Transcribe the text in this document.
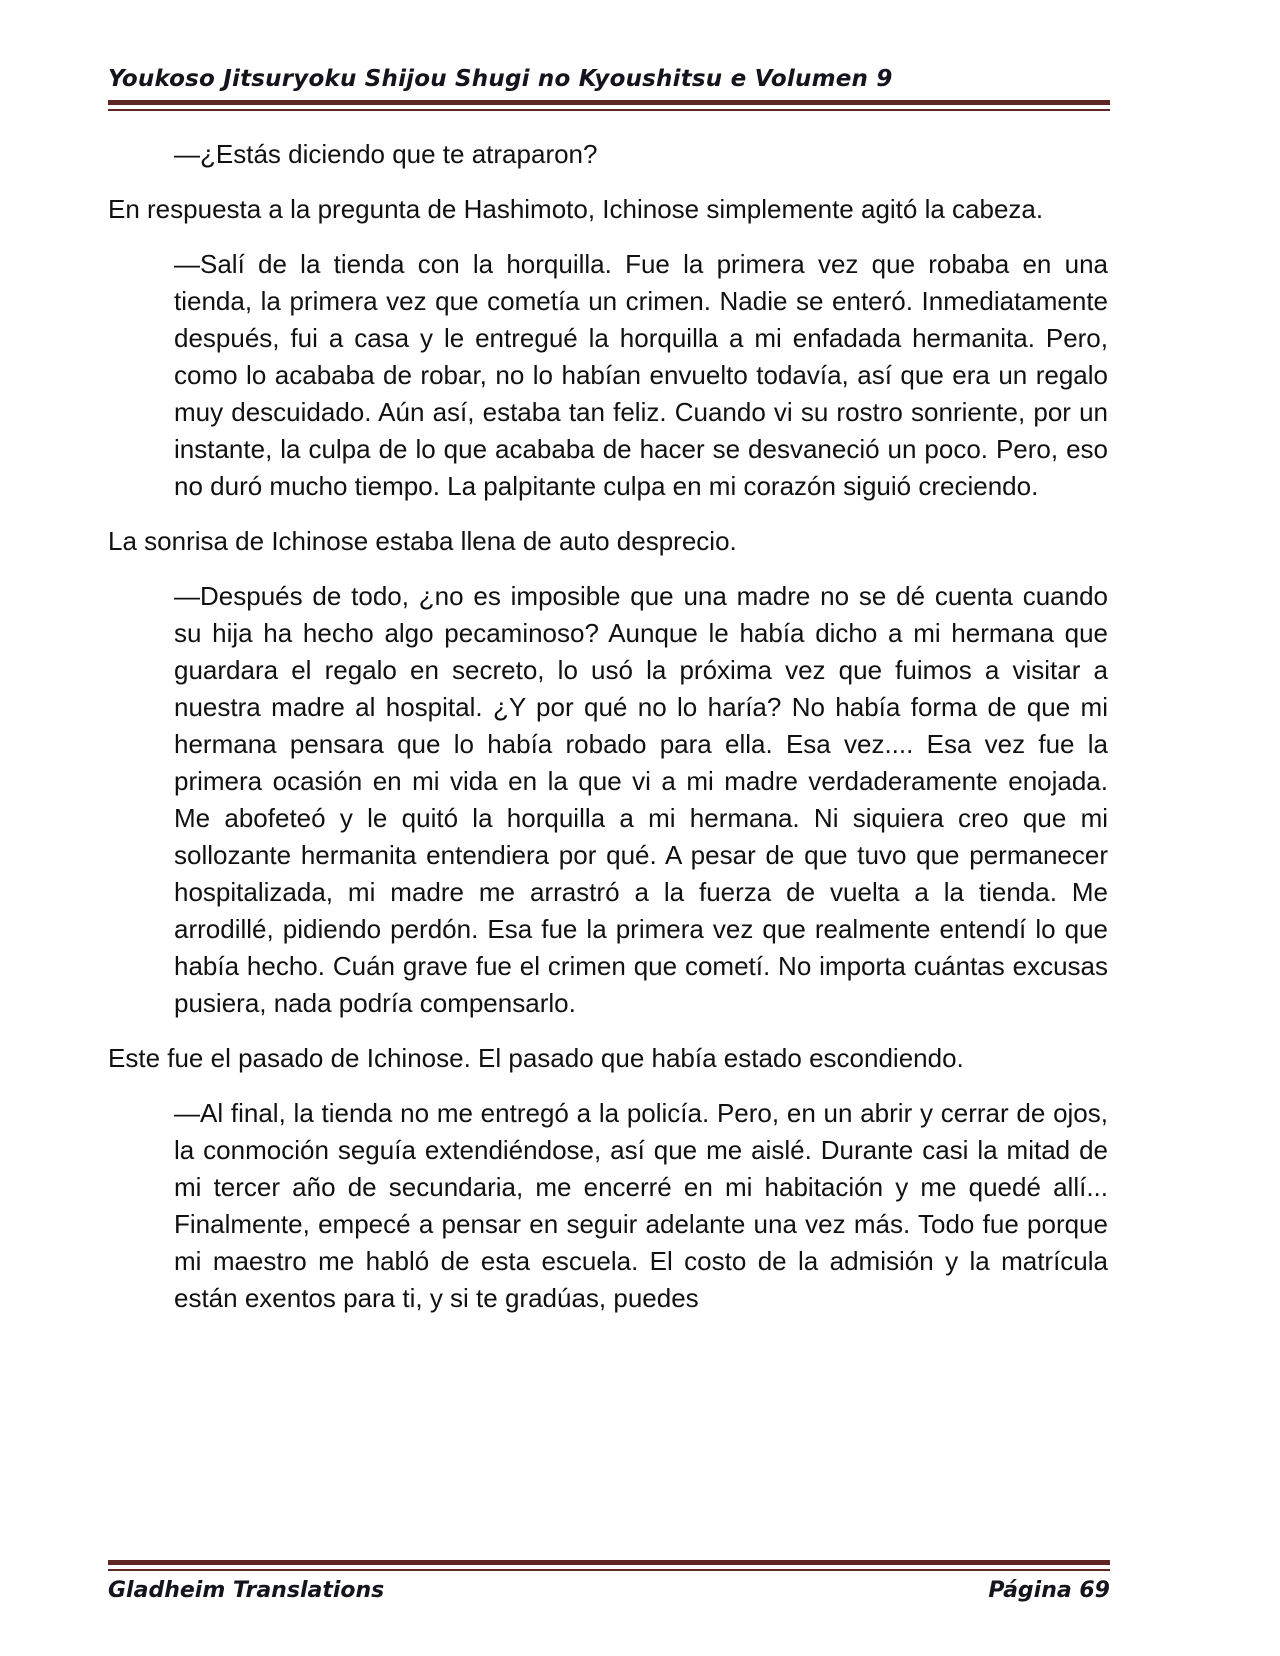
Youkoso Jitsuryoku Shijou Shugi no Kyoushitsu e Volumen 9

—¿Estás diciendo que te atraparon?

En respuesta a la pregunta de Hashimoto, Ichinose simplemente agitó la cabeza.

—Salí de la tienda con la horquilla. Fue la primera vez que robaba en una tienda, la primera vez que cometía un crimen. Nadie se enteró. Inmediatamente después, fui a casa y le entregué la horquilla a mi enfadada hermanita. Pero, como lo acababa de robar, no lo habían envuelto todavía, así que era un regalo muy descuidado. Aún así, estaba tan feliz. Cuando vi su rostro sonriente, por un instante, la culpa de lo que acababa de hacer se desvaneció un poco. Pero, eso no duró mucho tiempo. La palpitante culpa en mi corazón siguió creciendo.

La sonrisa de Ichinose estaba llena de auto desprecio.

—Después de todo, ¿no es imposible que una madre no se dé cuenta cuando su hija ha hecho algo pecaminoso? Aunque le había dicho a mi hermana que guardara el regalo en secreto, lo usó la próxima vez que fuimos a visitar a nuestra madre al hospital. ¿Y por qué no lo haría? No había forma de que mi hermana pensara que lo había robado para ella. Esa vez.... Esa vez fue la primera ocasión en mi vida en la que vi a mi madre verdaderamente enojada. Me abofeteó y le quitó la horquilla a mi hermana. Ni siquiera creo que mi sollozante hermanita entendiera por qué. A pesar de que tuvo que permanecer hospitalizada, mi madre me arrastró a la fuerza de vuelta a la tienda. Me arrodillé, pidiendo perdón. Esa fue la primera vez que realmente entendí lo que había hecho. Cuán grave fue el crimen que cometí. No importa cuántas excusas pusiera, nada podría compensarlo.

Este fue el pasado de Ichinose. El pasado que había estado escondiendo.

—Al final, la tienda no me entregó a la policía. Pero, en un abrir y cerrar de ojos, la conmoción seguía extendiéndose, así que me aislé. Durante casi la mitad de mi tercer año de secundaria, me encerré en mi habitación y me quedé allí... Finalmente, empecé a pensar en seguir adelante una vez más. Todo fue porque mi maestro me habló de esta escuela. El costo de la admisión y la matrícula están exentos para ti, y si te gradúas, puedes

Gladheim Translations	Página 69
